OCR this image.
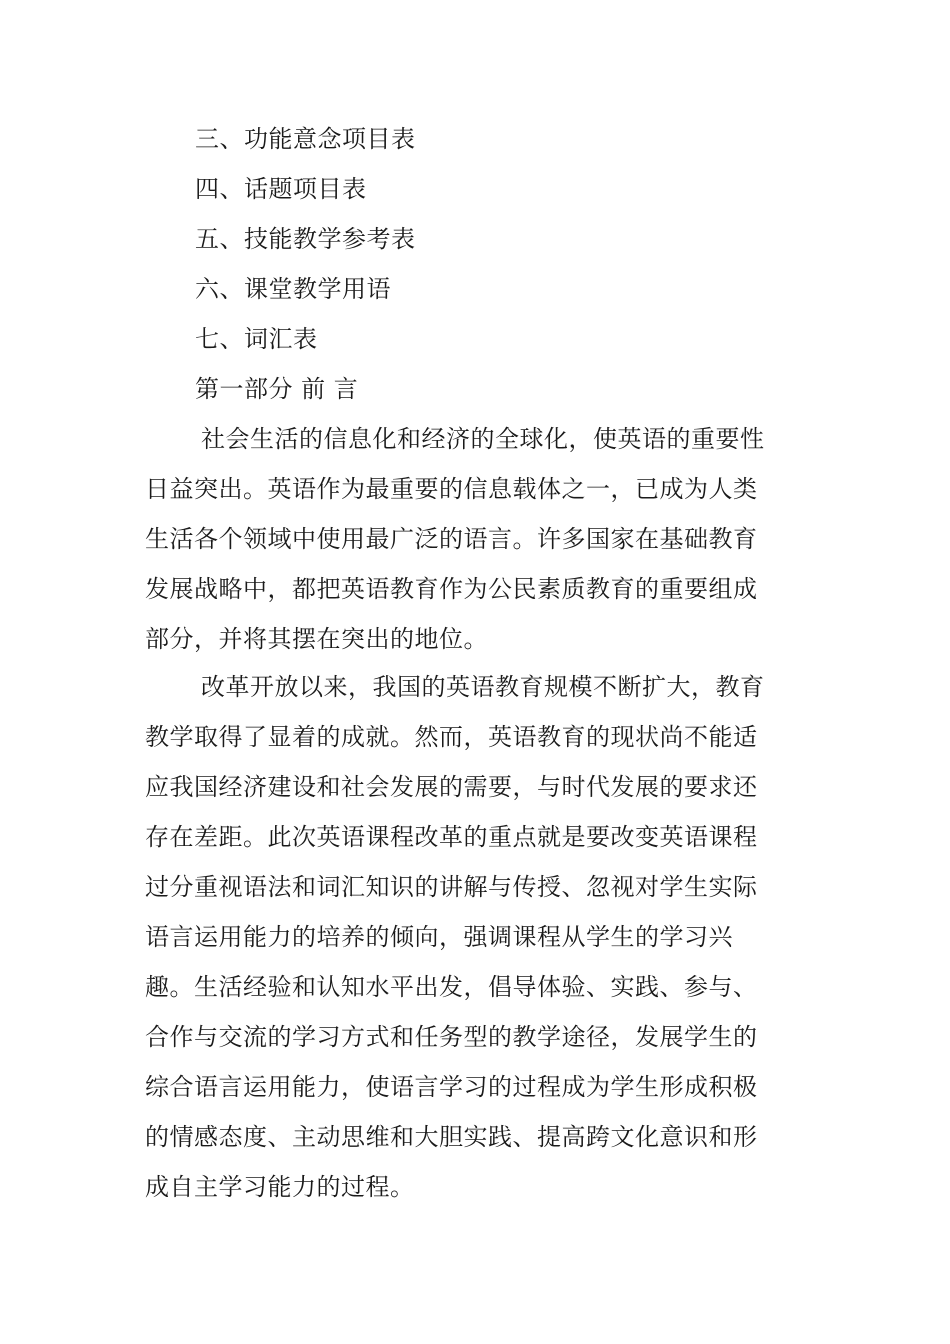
三、功能意念项目表
四、话题项目表
五、技能教学参考表
六、课堂教学用语
七、词汇表
第一部分 前 言
社会生活的信息化和经济的全球化，使英语的重要性
日益突出。英语作为最重要的信息载体之一，已成为人类
生活各个领域中使用最广泛的语言。许多国家在基础教育
发展战略中，都把英语教育作为公民素质教育的重要组成
部分，并将其摆在突出的地位。
改革开放以来，我国的英语教育规模不断扩大，教育
教学取得了显着的成就。然而，英语教育的现状尚不能适
应我国经济建设和社会发展的需要，与时代发展的要求还
存在差距。此次英语课程改革的重点就是要改变英语课程
过分重视语法和词汇知识的讲解与传授、忽视对学生实际
语言运用能力的培养的倾向，强调课程从学生的学习兴
趣。生活经验和认知水平出发，倡导体验、实践、参与、
合作与交流的学习方式和任务型的教学途径，发展学生的
综合语言运用能力，使语言学习的过程成为学生形成积极
的情感态度、主动思维和大胆实践、提高跨文化意识和形
成自主学习能力的过程。
